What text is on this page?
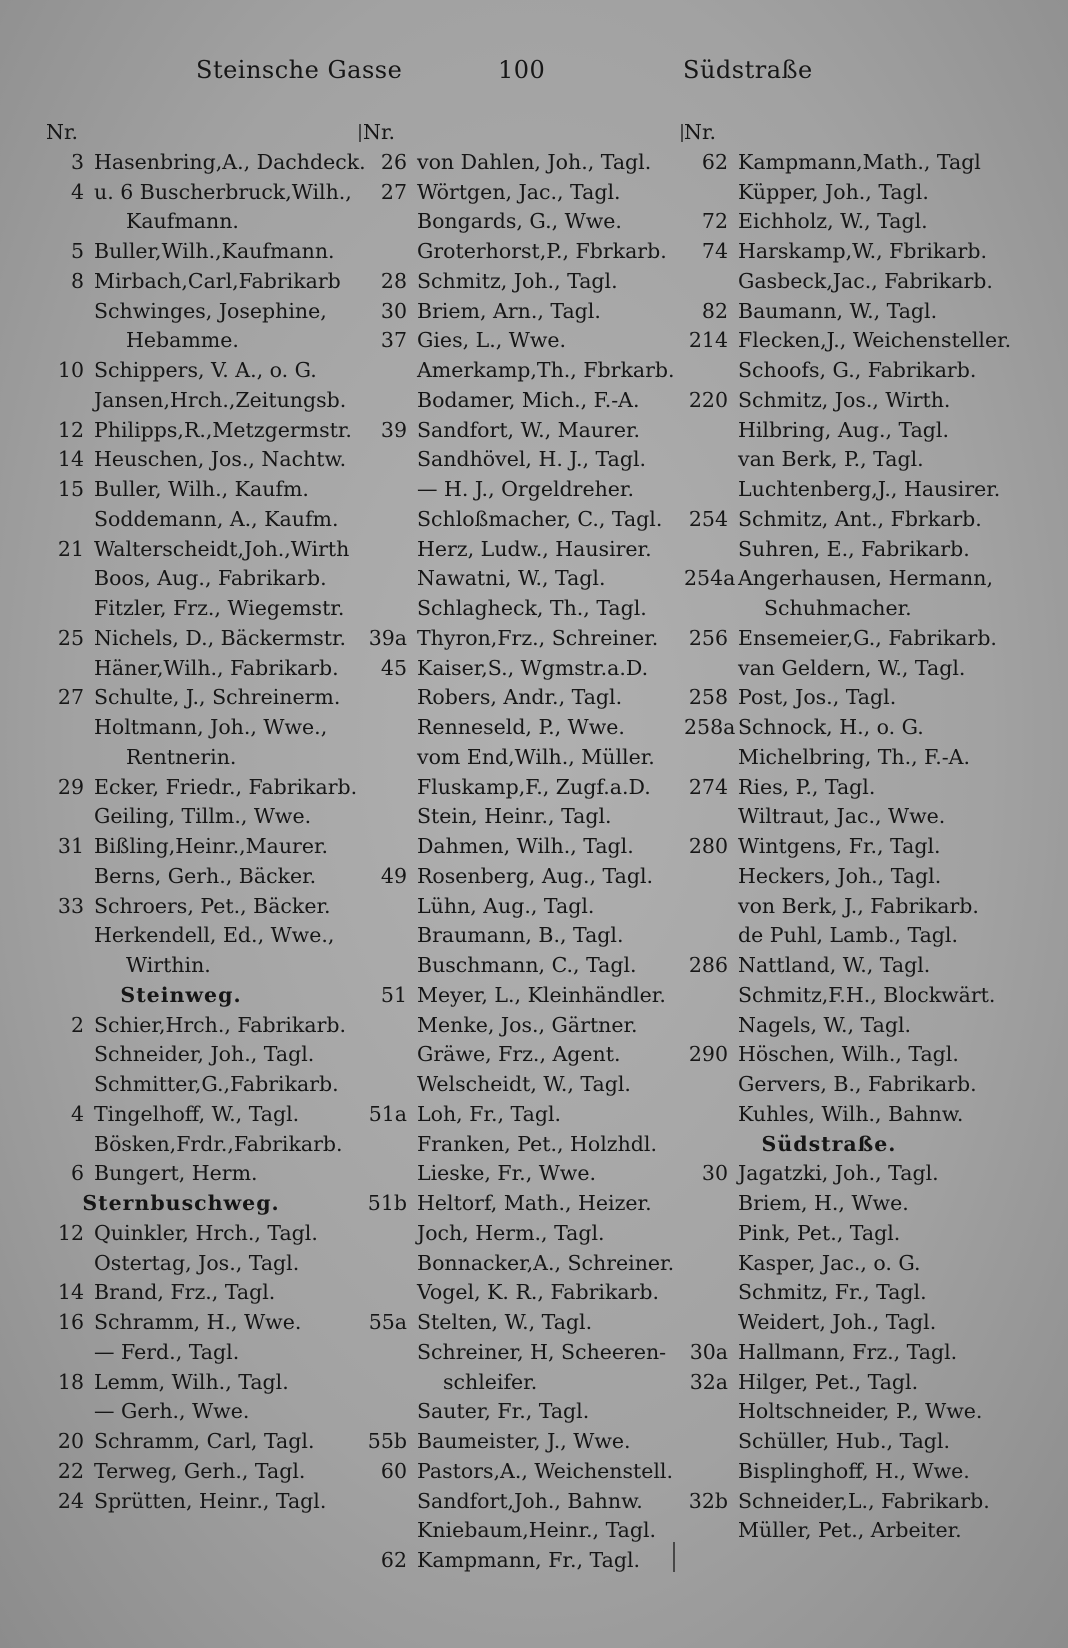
Steinsche Gasse	100	Südstraße
Nr.
3 Hasenbring,A., Dachdeck.
4 u. 6 Buscherbruck,Wilh.,
Kaufmann.
5 Buller,Wilh.,Kaufmann.
8 Mirbach,Carl,Fabrikarb
Schwinges, Josephine,
Hebamme.
10 Schippers, V. A., o. G.
Jansen,Hrch.,Zeitungsb.
12 Philipps,R.,Metzgermstr.
14 Heuschen, Jos., Nachtw.
15 Buller, Wilh., Kaufm.
Soddemann, A., Kaufm.
21 Walterscheidt,Joh.,Wirth
Boos, Aug., Fabrikarb.
Fitzler, Frz., Wiegemstr.
25 Nichels, D., Bäckermstr.
Häner,Wilh., Fabrikarb.
27 Schulte, J., Schreinerm.
Holtmann, Joh., Wwe.,
Rentnerin.
29 Ecker, Friedr., Fabrikarb.
Geiling, Tillm., Wwe.
31 Bißling,Heinr.,Maurer.
Berns, Gerh., Bäcker.
33 Schroers, Pet., Bäcker.
Herkendell, Ed., Wwe.,
Wirthin.
Steinweg.
2 Schier,Hrch., Fabrikarb.
Schneider, Joh., Tagl.
Schmitter,G.,Fabrikarb.
4 Tingelhoff, W., Tagl.
Bösken,Frdr.,Fabrikarb.
6 Bungert, Herm.
Sternbuschweg.
12 Quinkler, Hrch., Tagl.
Ostertag, Jos., Tagl.
14 Brand, Frz., Tagl.
16 Schramm, H., Wwe.
— Ferd., Tagl.
18 Lemm, Wilh., Tagl.
— Gerh., Wwe.
20 Schramm, Carl, Tagl.
22 Terweg, Gerh., Tagl.
24 Sprütten, Heinr., Tagl.
Nr.
26 von Dahlen, Joh., Tagl.
27 Wörtgen, Jac., Tagl.
Bongards, G., Wwe.
Groterhorst,P., Fbrkarb.
28 Schmitz, Joh., Tagl.
30 Briem, Arn., Tagl.
37 Gies, L., Wwe.
Amerkamp,Th., Fbrkarb.
Bodamer, Mich., F.-A.
39 Sandfort, W., Maurer.
Sandhövel, H. J., Tagl.
— H. J., Orgeldreher.
Schloßmacher, C., Tagl.
Herz, Ludw., Hausirer.
Nawatni, W., Tagl.
Schlagheck, Th., Tagl.
39a Thyron,Frz., Schreiner.
45 Kaiser,S., Wgmstr.a.D.
Robers, Andr., Tagl.
Renneseld, P., Wwe.
vom End,Wilh., Müller.
Fluskamp,F., Zugf.a.D.
Stein, Heinr., Tagl.
Dahmen, Wilh., Tagl.
49 Rosenberg, Aug., Tagl.
Lühn, Aug., Tagl.
Braumann, B., Tagl.
Buschmann, C., Tagl.
51 Meyer, L., Kleinhändler.
Menke, Jos., Gärtner.
Gräwe, Frz., Agent.
Welscheidt, W., Tagl.
51a Loh, Fr., Tagl.
Franken, Pet., Holzhdl.
Lieske, Fr., Wwe.
51b Heltorf, Math., Heizer.
Joch, Herm., Tagl.
Bonnacker,A., Schreiner.
Vogel, K. R., Fabrikarb.
55a Stelten, W., Tagl.
Schreiner, H, Scheeren-
schleifer.
Sauter, Fr., Tagl.
55b Baumeister, J., Wwe.
60 Pastors,A., Weichenstell.
Sandfort,Joh., Bahnw.
Kniebaum,Heinr., Tagl.
62 Kampmann, Fr., Tagl.
Nr.
62 Kampmann,Math., Tagl
Küpper, Joh., Tagl.
72 Eichholz, W., Tagl.
74 Harskamp,W., Fbrikarb.
Gasbeck,Jac., Fabrikarb.
82 Baumann, W., Tagl.
214 Flecken,J., Weichensteller.
Schoofs, G., Fabrikarb.
220 Schmitz, Jos., Wirth.
Hilbring, Aug., Tagl.
van Berk, P., Tagl.
Luchtenberg,J., Hausirer.
254 Schmitz, Ant., Fbrkarb.
Suhren, E., Fabrikarb.
254a Angerhausen, Hermann,
Schuhmacher.
256 Ensemeier,G., Fabrikarb.
van Geldern, W., Tagl.
258 Post, Jos., Tagl.
258a Schnock, H., o. G.
Michelbring, Th., F.-A.
274 Ries, P., Tagl.
Wiltraut, Jac., Wwe.
280 Wintgens, Fr., Tagl.
Heckers, Joh., Tagl.
von Berk, J., Fabrikarb.
de Puhl, Lamb., Tagl.
286 Nattland, W., Tagl.
Schmitz,F.H., Blockwärt.
Nagels, W., Tagl.
290 Höschen, Wilh., Tagl.
Gervers, B., Fabrikarb.
Kuhles, Wilh., Bahnw.
Südstraße.
30 Jagatzki, Joh., Tagl.
Briem, H., Wwe.
Pink, Pet., Tagl.
Kasper, Jac., o. G.
Schmitz, Fr., Tagl.
Weidert, Joh., Tagl.
30a Hallmann, Frz., Tagl.
32a Hilger, Pet., Tagl.
Holtschneider, P., Wwe.
Schüller, Hub., Tagl.
Bisplinghoff, H., Wwe.
32b Schneider,L., Fabrikarb.
Müller, Pet., Arbeiter.
